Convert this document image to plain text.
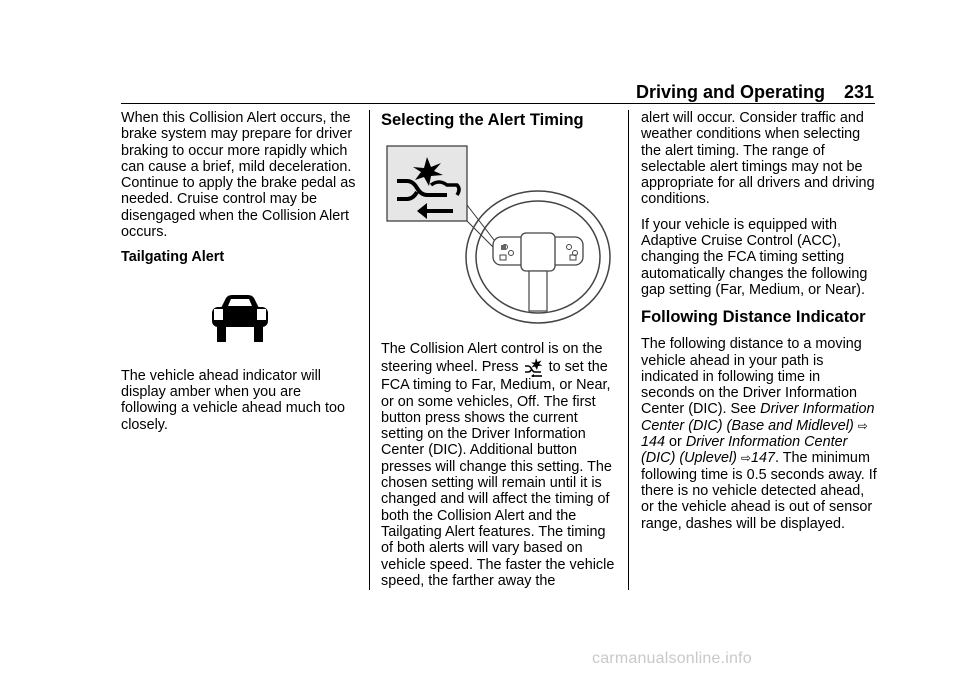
Driving and Operating 231

When this Collision Alert occurs, the brake system may prepare for driver braking to occur more rapidly which can cause a brief, mild deceleration. Continue to apply the brake pedal as needed. Cruise control may be disengaged when the Collision Alert occurs.

Tailgating Alert

The vehicle ahead indicator will display amber when you are following a vehicle ahead much too closely.

Selecting the Alert Timing

The Collision Alert control is on the steering wheel. Press to set the FCA timing to Far, Medium, or Near, or on some vehicles, Off. The first button press shows the current setting on the Driver Information Center (DIC). Additional button presses will change this setting. The chosen setting will remain until it is changed and will affect the timing of both the Collision Alert and the Tailgating Alert features. The timing of both alerts will vary based on vehicle speed. The faster the vehicle speed, the farther away the

alert will occur. Consider traffic and weather conditions when selecting the alert timing. The range of selectable alert timings may not be appropriate for all drivers and driving conditions.

If your vehicle is equipped with Adaptive Cruise Control (ACC), changing the FCA timing setting automatically changes the following gap setting (Far, Medium, or Near).

Following Distance Indicator

The following distance to a moving vehicle ahead in your path is indicated in following time in seconds on the Driver Information Center (DIC). See Driver Information Center (DIC) (Base and Midlevel) ⇨ 144 or Driver Information Center (DIC) (Uplevel) ⇨147. The minimum following time is 0.5 seconds away. If there is no vehicle detected ahead, or the vehicle ahead is out of sensor range, dashes will be displayed.

carmanualsonline.info
